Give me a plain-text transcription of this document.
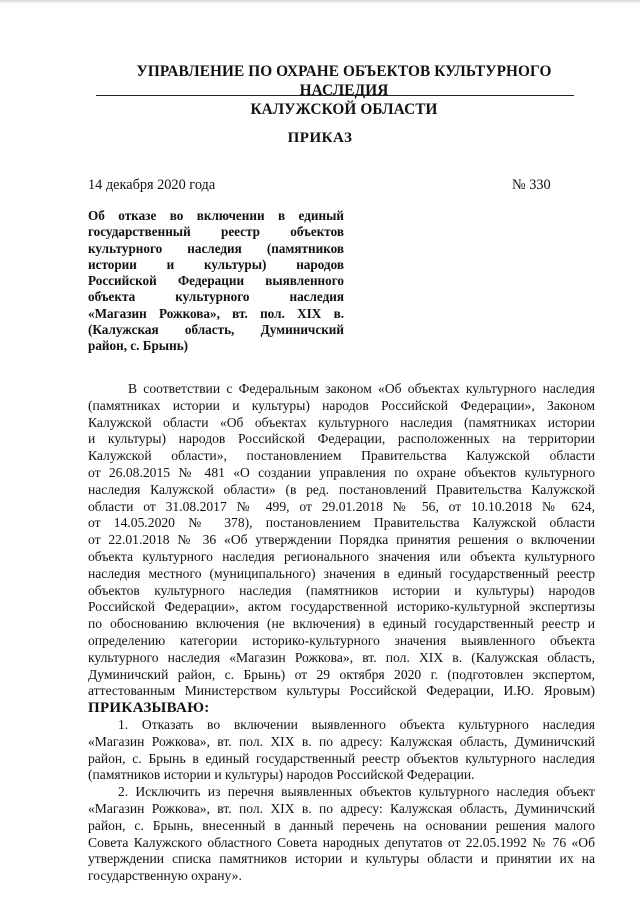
УПРАВЛЕНИЕ ПО ОХРАНЕ ОБЪЕКТОВ КУЛЬТУРНОГО НАСЛЕДИЯ
КАЛУЖСКОЙ ОБЛАСТИ
ПРИКАЗ
14 декабря 2020 года	№ 330
Об отказе во включении в единый
государственный реестр объектов
культурного наследия (памятников
истории и культуры) народов
Российской Федерации выявленного
объекта культурного наследия
«Магазин Рожкова», вт. пол. XIX в.
(Калужская область, Думиничский
район, с. Брынь)
В соответствии с Федеральным законом «Об объектах культурного наследия
(памятниках истории и культуры) народов Российской Федерации», Законом
Калужской области «Об объектах культурного наследия (памятниках истории
и культуры) народов Российской Федерации, расположенных на территории
Калужской области», постановлением Правительства Калужской области
от 26.08.2015 № 481 «О создании управления по охране объектов культурного
наследия Калужской области» (в ред. постановлений Правительства Калужской
области от 31.08.2017 № 499, от 29.01.2018 № 56, от 10.10.2018 № 624,
от 14.05.2020 № 378), постановлением Правительства Калужской области
от 22.01.2018 № 36 «Об утверждении Порядка принятия решения о включении
объекта культурного наследия регионального значения или объекта культурного
наследия местного (муниципального) значения в единый государственный реестр
объектов культурного наследия (памятников истории и культуры) народов
Российской Федерации», актом государственной историко-культурной экспертизы
по обоснованию включения (не включения) в единый государственный реестр и
определению категории историко-культурного значения выявленного объекта
культурного наследия «Магазин Рожкова», вт. пол. XIX в. (Калужская область,
Думиничский район, с. Брынь) от 29 октября 2020 г. (подготовлен экспертом,
аттестованным Министерством культуры Российской Федерации, И.Ю. Яровым)
ПРИКАЗЫВАЮ:
1. Отказать во включении выявленного объекта культурного наследия
«Магазин Рожкова», вт. пол. XIX в. по адресу: Калужская область, Думиничский
район, с. Брынь в единый государственный реестр объектов культурного наследия
(памятников истории и культуры) народов Российской Федерации.
2. Исключить из перечня выявленных объектов культурного наследия объект
«Магазин Рожкова», вт. пол. XIX в. по адресу: Калужская область, Думиничский
район, с. Брынь, внесенный в данный перечень на основании решения малого
Совета Калужского областного Совета народных депутатов от 22.05.1992 № 76 «Об
утверждении списка памятников истории и культуры области и принятии их на
государственную охрану».
